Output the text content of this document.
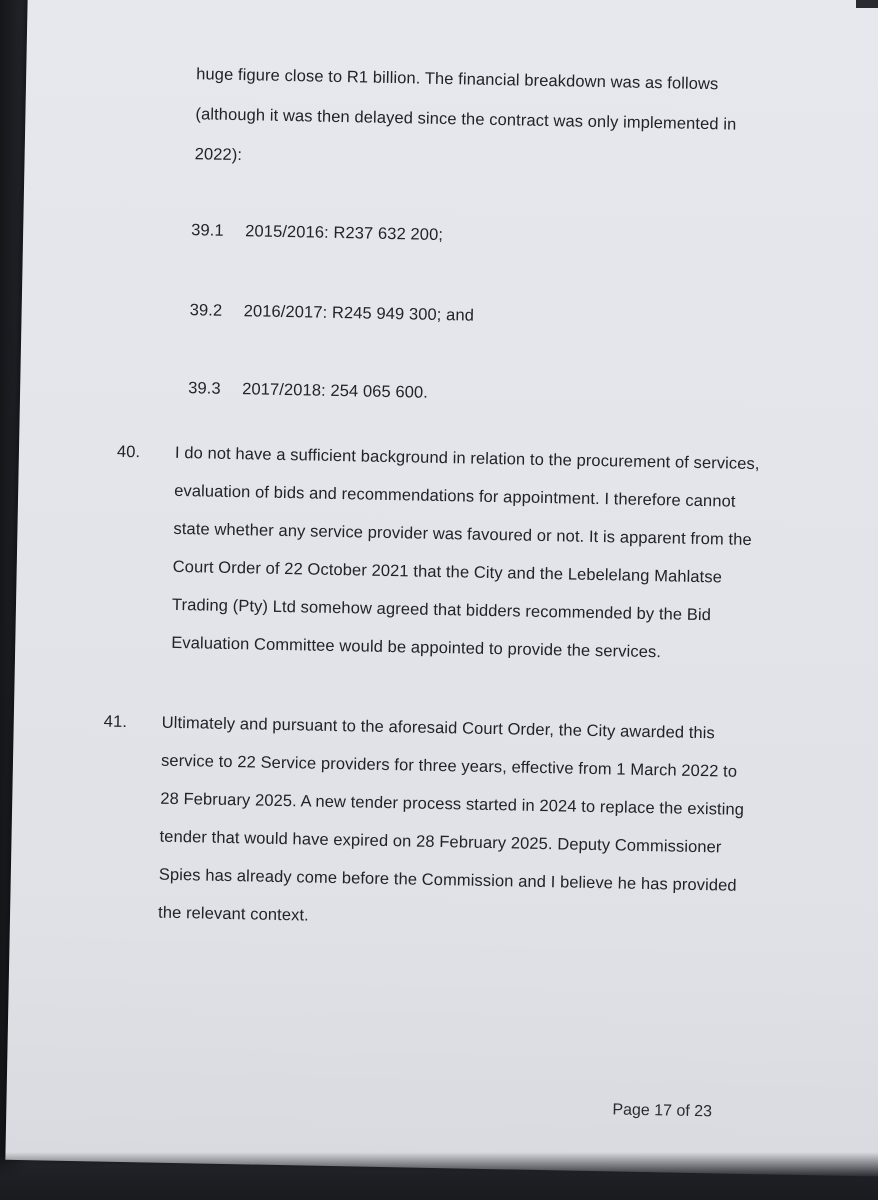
huge figure close to R1 billion. The financial breakdown was as follows
(although it was then delayed since the contract was only implemented in
2022):
39.1 2015/2016: R237 632 200;
39.2 2016/2017: R245 949 300; and
39.3 2017/2018: 254 065 600.
40. I do not have a sufficient background in relation to the procurement of services,
evaluation of bids and recommendations for appointment. I therefore cannot
state whether any service provider was favoured or not. It is apparent from the
Court Order of 22 October 2021 that the City and the Lebelelang Mahlatse
Trading (Pty) Ltd somehow agreed that bidders recommended by the Bid
Evaluation Committee would be appointed to provide the services.
41. Ultimately and pursuant to the aforesaid Court Order, the City awarded this
service to 22 Service providers for three years, effective from 1 March 2022 to
28 February 2025. A new tender process started in 2024 to replace the existing
tender that would have expired on 28 February 2025. Deputy Commissioner
Spies has already come before the Commission and I believe he has provided
the relevant context.
Page 17 of 23
